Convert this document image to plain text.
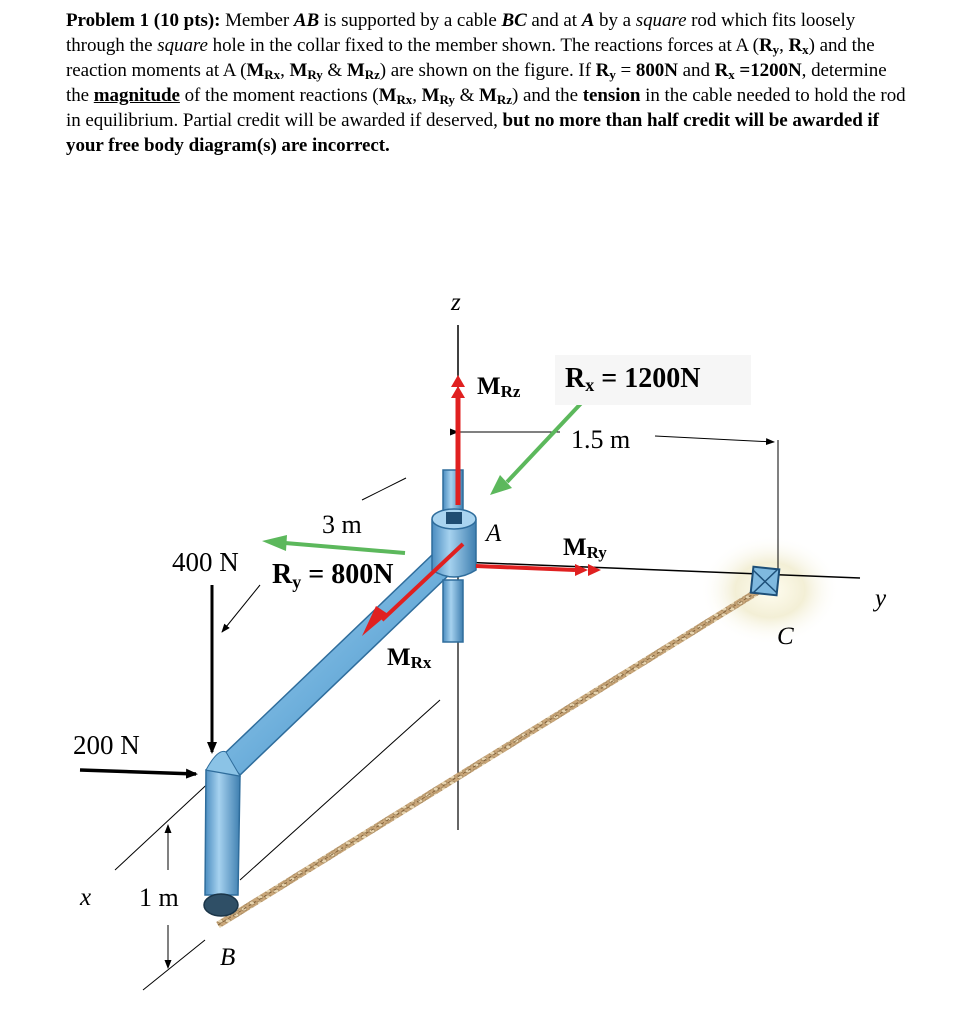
Problem 1 (10 pts): Member AB is supported by a cable BC and at A by a square rod which fits loosely through the square hole in the collar fixed to the member shown. The reactions forces at A ($R_y$, $R_x$) and the reaction moments at A ($M_{Rx}$, $M_{Ry}$ & $M_{Rz}$) are shown on the figure. If $R_y = 800N$ and $R_x =1200N$, determine the magnitude of the moment reactions ($M_{Rx}$, $M_{Ry}$ & $M_{Rz}$) and the tension in the cable needed to hold the rod in equilibrium. Partial credit will be awarded if deserved, but no more than half credit will be awarded if your free body diagram(s) are incorrect.
z
y
x
A
B
C
MRz
MRy
MRx
Rx = 1200N
Ry = 800N
1.5 m
3 m
1 m
400 N
200 N
